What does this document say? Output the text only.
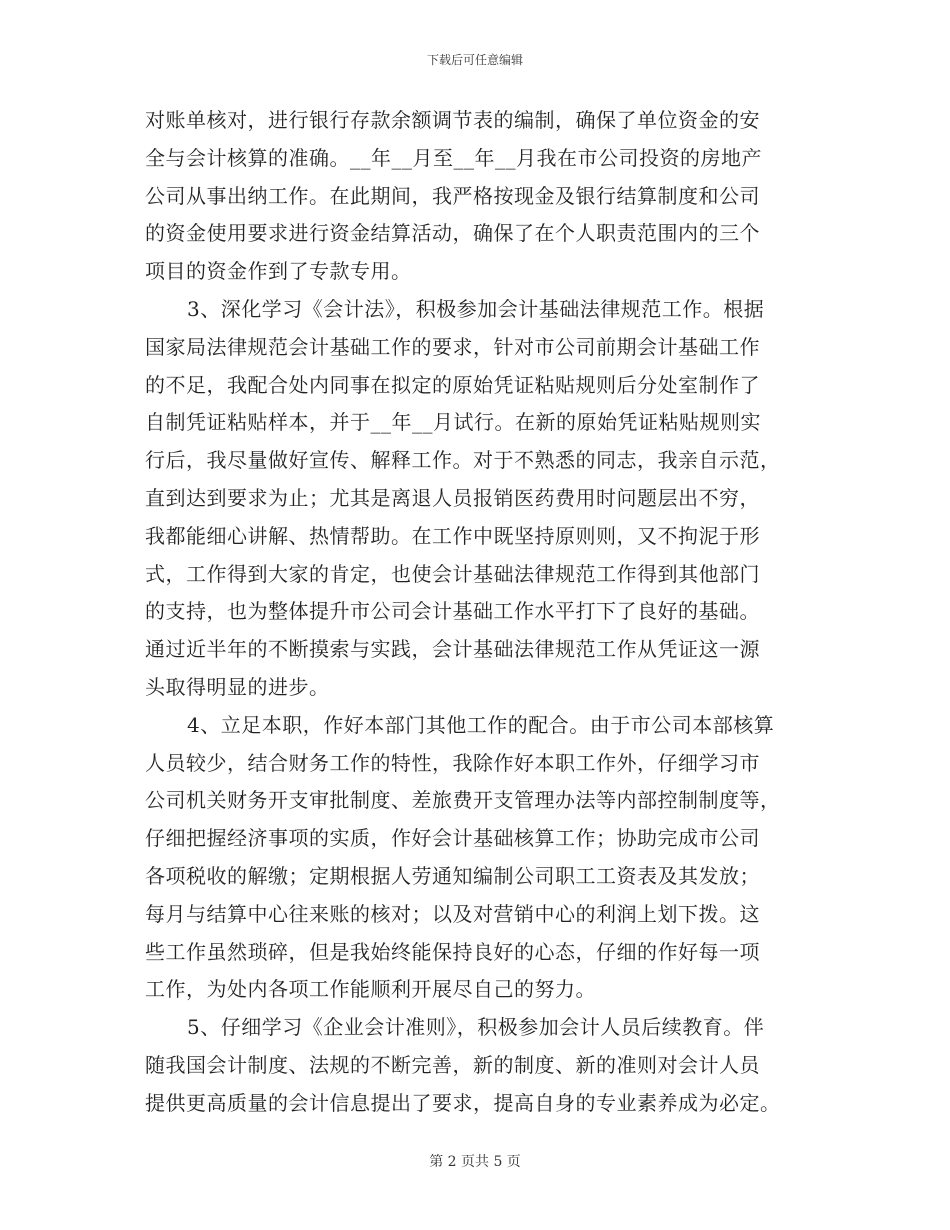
下载后可任意编辑
对账单核对，进行银行存款余额调节表的编制，确保了单位资金的安
全与会计核算的准确。__年__月至__年__月我在市公司投资的房地产
公司从事出纳工作。在此期间，我严格按现金及银行结算制度和公司
的资金使用要求进行资金结算活动，确保了在个人职责范围内的三个
项目的资金作到了专款专用。
3、深化学习《会计法》，积极参加会计基础法律规范工作。根据
国家局法律规范会计基础工作的要求，针对市公司前期会计基础工作
的不足，我配合处内同事在拟定的原始凭证粘贴规则后分处室制作了
自制凭证粘贴样本，并于__年__月试行。在新的原始凭证粘贴规则实
行后，我尽量做好宣传、解释工作。对于不熟悉的同志，我亲自示范，
直到达到要求为止；尤其是离退人员报销医药费用时问题层出不穷，
我都能细心讲解、热情帮助。在工作中既坚持原则则，又不拘泥于形
式，工作得到大家的肯定，也使会计基础法律规范工作得到其他部门
的支持，也为整体提升市公司会计基础工作水平打下了良好的基础。
通过近半年的不断摸索与实践，会计基础法律规范工作从凭证这一源
头取得明显的进步。
4、立足本职，作好本部门其他工作的配合。由于市公司本部核算
人员较少，结合财务工作的特性，我除作好本职工作外，仔细学习市
公司机关财务开支审批制度、差旅费开支管理办法等内部控制制度等，
仔细把握经济事项的实质，作好会计基础核算工作；协助完成市公司
各项税收的解缴；定期根据人劳通知编制公司职工工资表及其发放；
每月与结算中心往来账的核对；以及对营销中心的利润上划下拨。这
些工作虽然琐碎，但是我始终能保持良好的心态，仔细的作好每一项
工作，为处内各项工作能顺利开展尽自己的努力。
5、仔细学习《企业会计准则》，积极参加会计人员后续教育。伴
随我国会计制度、法规的不断完善，新的制度、新的准则对会计人员
提供更高质量的会计信息提出了要求，提高自身的专业素养成为必定。
第 2 页共 5 页
